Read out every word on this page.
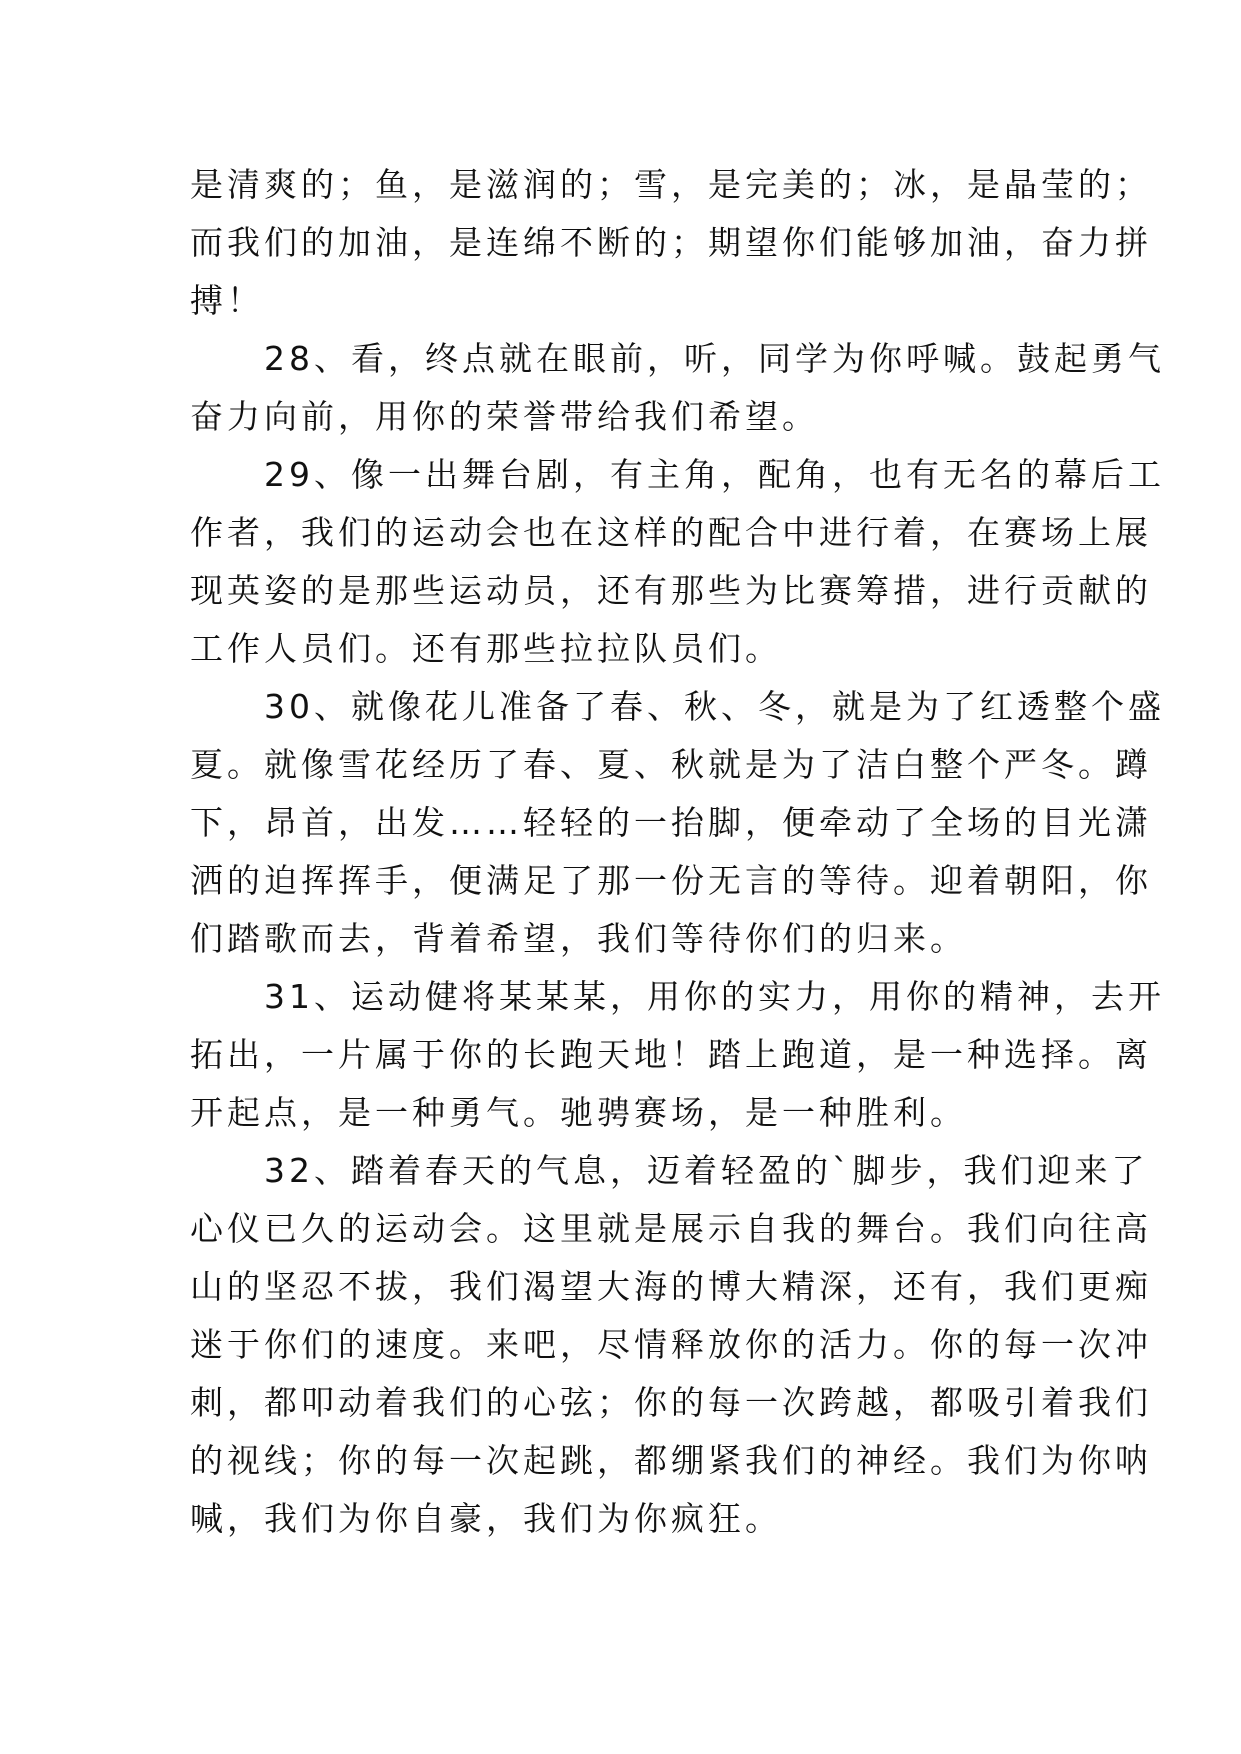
是清爽的；鱼，是滋润的；雪，是完美的；冰，是晶莹的；
而我们的加油，是连绵不断的；期望你们能够加油，奋力拼
搏！
　　28、看，终点就在眼前，听，同学为你呼喊。鼓起勇气
奋力向前，用你的荣誉带给我们希望。
　　29、像一出舞台剧，有主角，配角，也有无名的幕后工
作者，我们的运动会也在这样的配合中进行着，在赛场上展
现英姿的是那些运动员，还有那些为比赛筹措，进行贡献的
工作人员们。还有那些拉拉队员们。
　　30、就像花儿准备了春、秋、冬，就是为了红透整个盛
夏。就像雪花经历了春、夏、秋就是为了洁白整个严冬。蹲
下，昂首，出发……轻轻的一抬脚，便牵动了全场的目光潇
洒的迫挥挥手，便满足了那一份无言的等待。迎着朝阳，你
们踏歌而去，背着希望，我们等待你们的归来。
　　31、运动健将某某某，用你的实力，用你的精神，去开
拓出，一片属于你的长跑天地！踏上跑道，是一种选择。离
开起点，是一种勇气。驰骋赛场，是一种胜利。
　　32、踏着春天的气息，迈着轻盈的`脚步，我们迎来了
心仪已久的运动会。这里就是展示自我的舞台。我们向往高
山的坚忍不拔，我们渴望大海的博大精深，还有，我们更痴
迷于你们的速度。来吧，尽情释放你的活力。你的每一次冲
刺，都叩动着我们的心弦；你的每一次跨越，都吸引着我们
的视线；你的每一次起跳，都绷紧我们的神经。我们为你呐
喊，我们为你自豪，我们为你疯狂。
